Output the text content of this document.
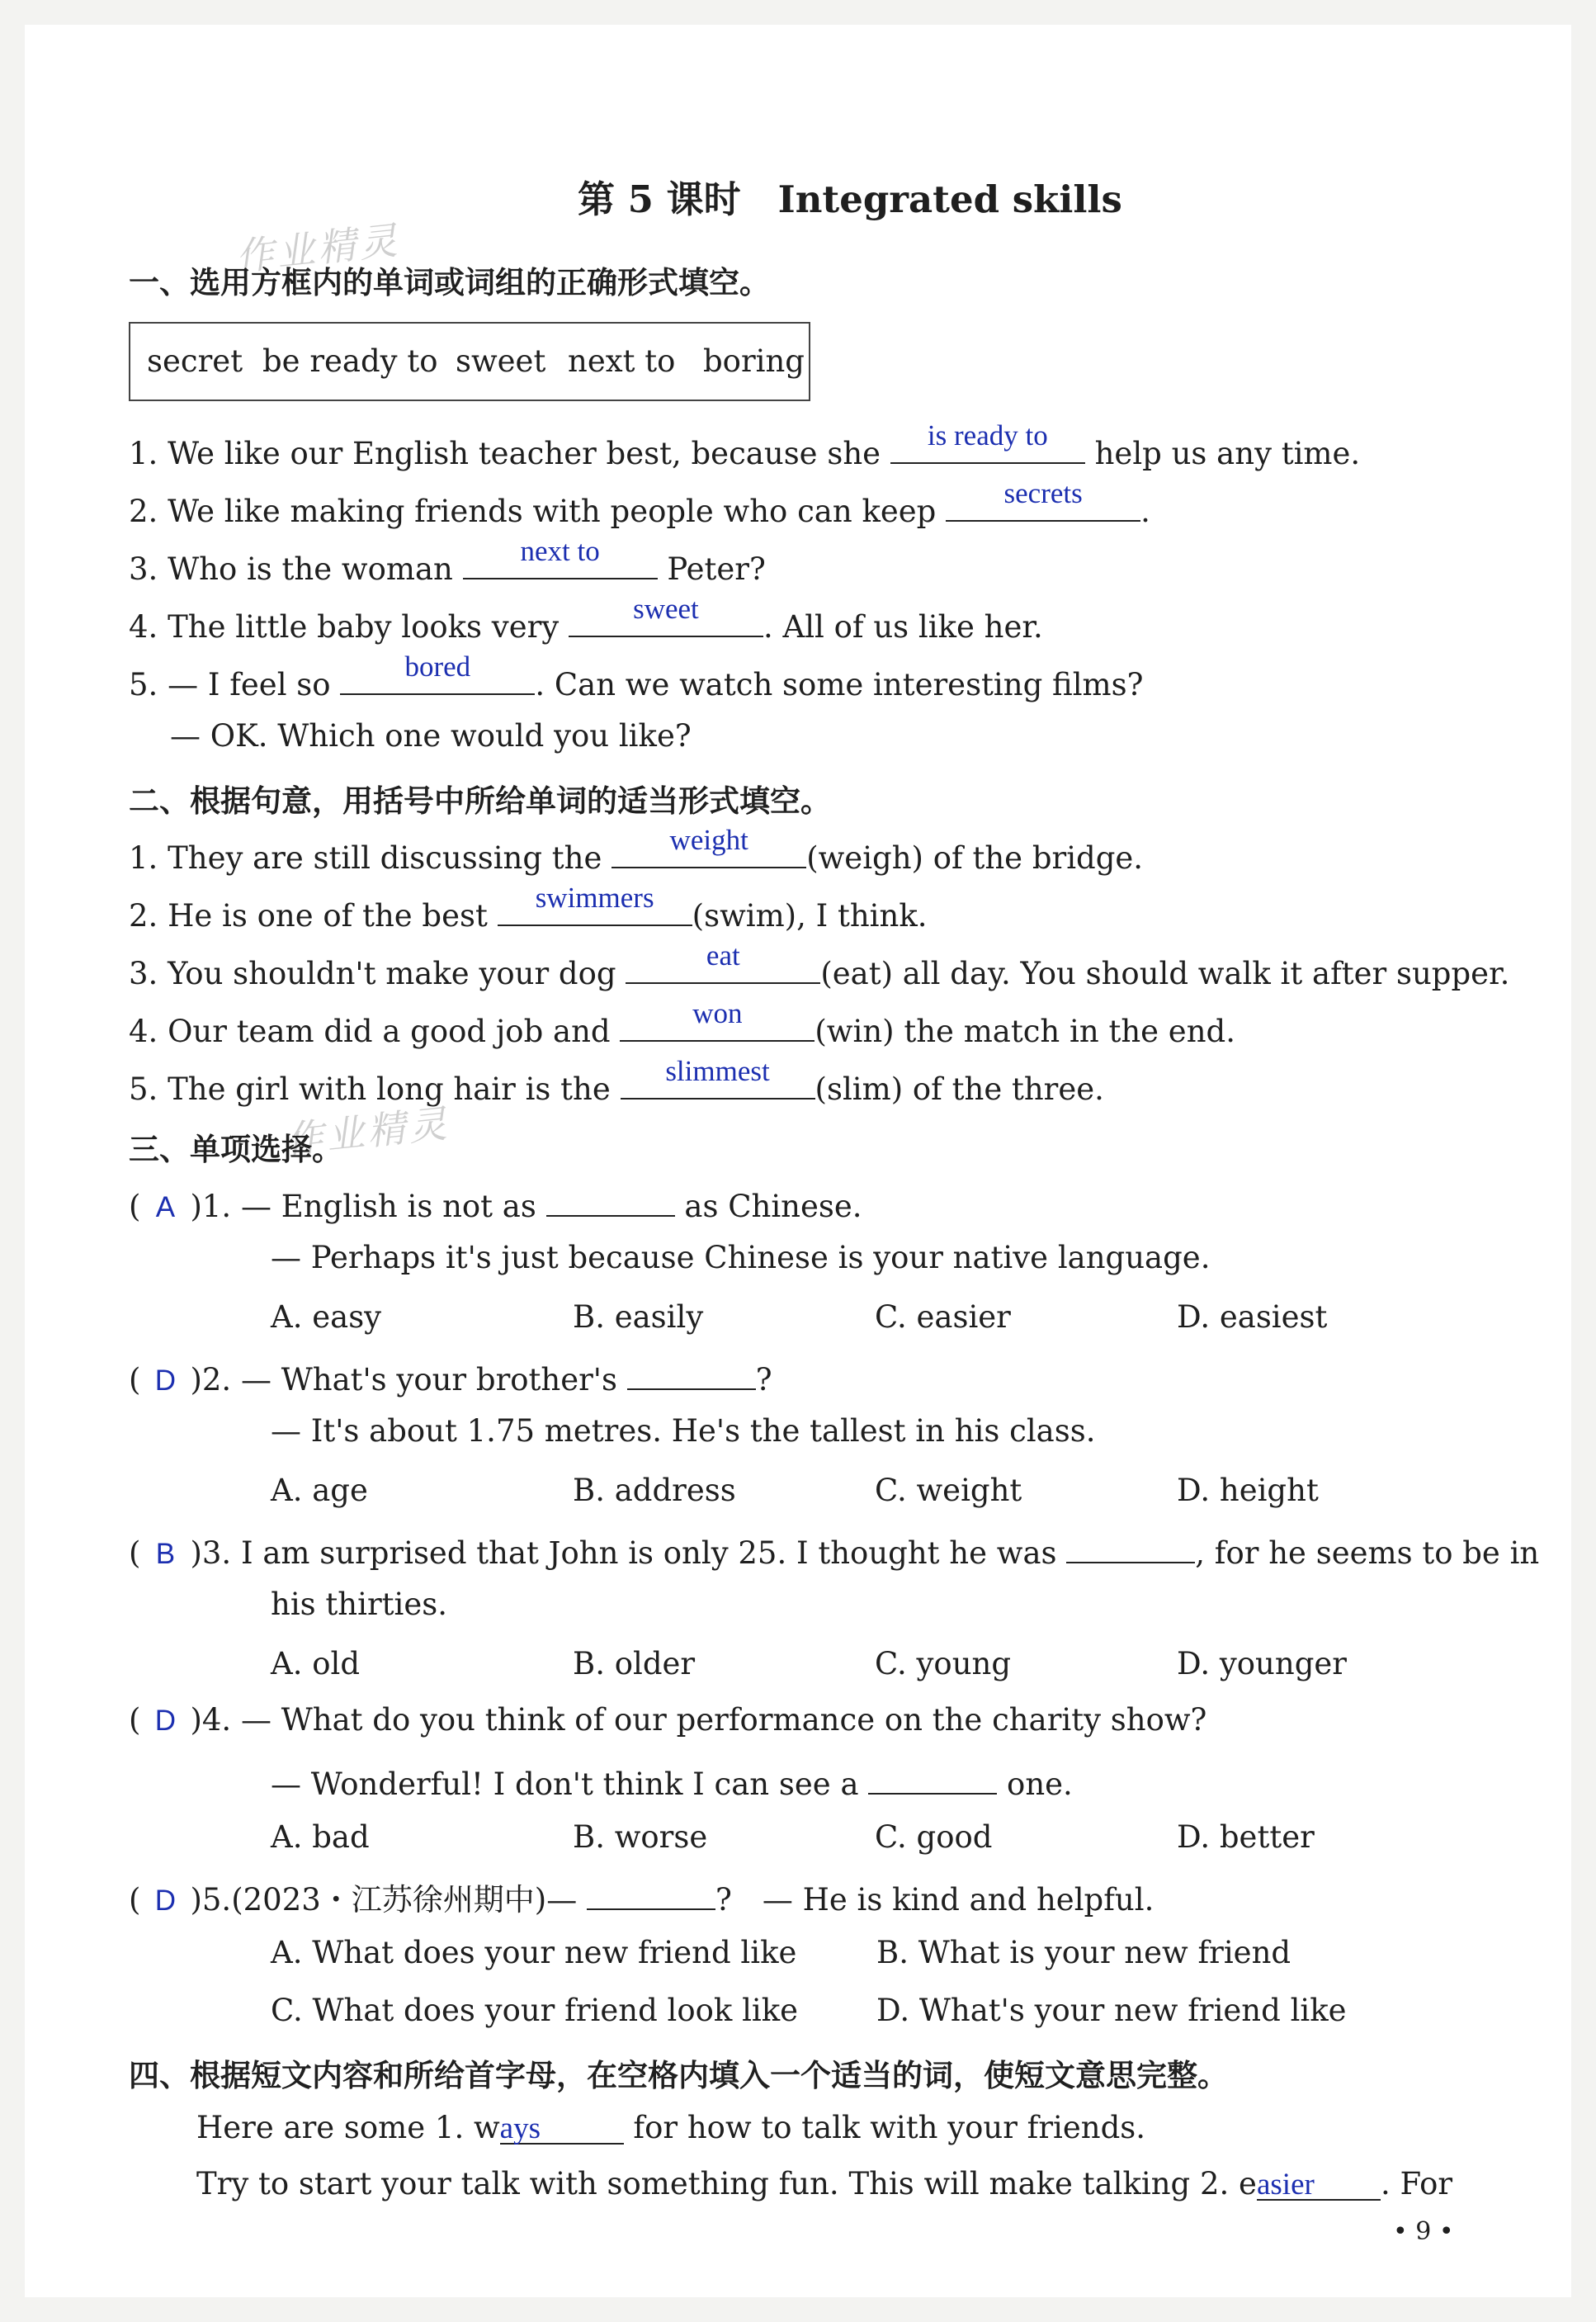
作业精灵
作业精灵
第 5 课时　Integrated skills
一、选用方框内的单词或词组的正确形式填空。
secret be ready to sweet next to boring
1. We like our English teacher best, because she
is ready to
help us any time.
2. We like making friends with people who can keep
secrets
.
3. Who is the woman
next to
Peter?
4. The little baby looks very
sweet
. All of us like her.
5. — I feel so
bored
. Can we watch some interesting films?
— OK. Which one would you like?
二、根据句意，用括号中所给单词的适当形式填空。
1. They are still discussing the
weight
(weigh) of the bridge.
2. He is one of the best
swimmers
(swim), I think.
3. You shouldn't make your dog
eat
(eat) all day. You should walk it after supper.
4. Our team did a good job and
won
(win) the match in the end.
5. The girl with long hair is the
slimmest
(slim) of the three.
三、单项选择。
( A )1. — English is not as	as Chinese.
— Perhaps it's just because Chinese is your native language.
A. easy	B. easily	C. easier	D. easiest
( D )2. — What's your brother's	?
— It's about 1.75 metres. He's the tallest in his class.
A. age	B. address	C. weight	D. height
( B )3. I am surprised that John is only 25. I thought he was	, for he seems to be in
his thirties.
A. old	B. older	C. young	D. younger
( D )4. — What do you think of our performance on the charity show?
— Wonderful! I don't think I can see a	one.
A. bad	B. worse	C. good	D. better
( D )5.(2023・江苏徐州期中)—	?　— He is kind and helpful.
A. What does your new friend like	B. What is your new friend
C. What does your friend look like	D. What's your new friend like
四、根据短文内容和所给首字母，在空格内填入一个适当的词，使短文意思完整。
Here are some 1. ways	for how to talk with your friends.
Try to start your talk with something fun. This will make talking 2. easier . For
• 9 •
